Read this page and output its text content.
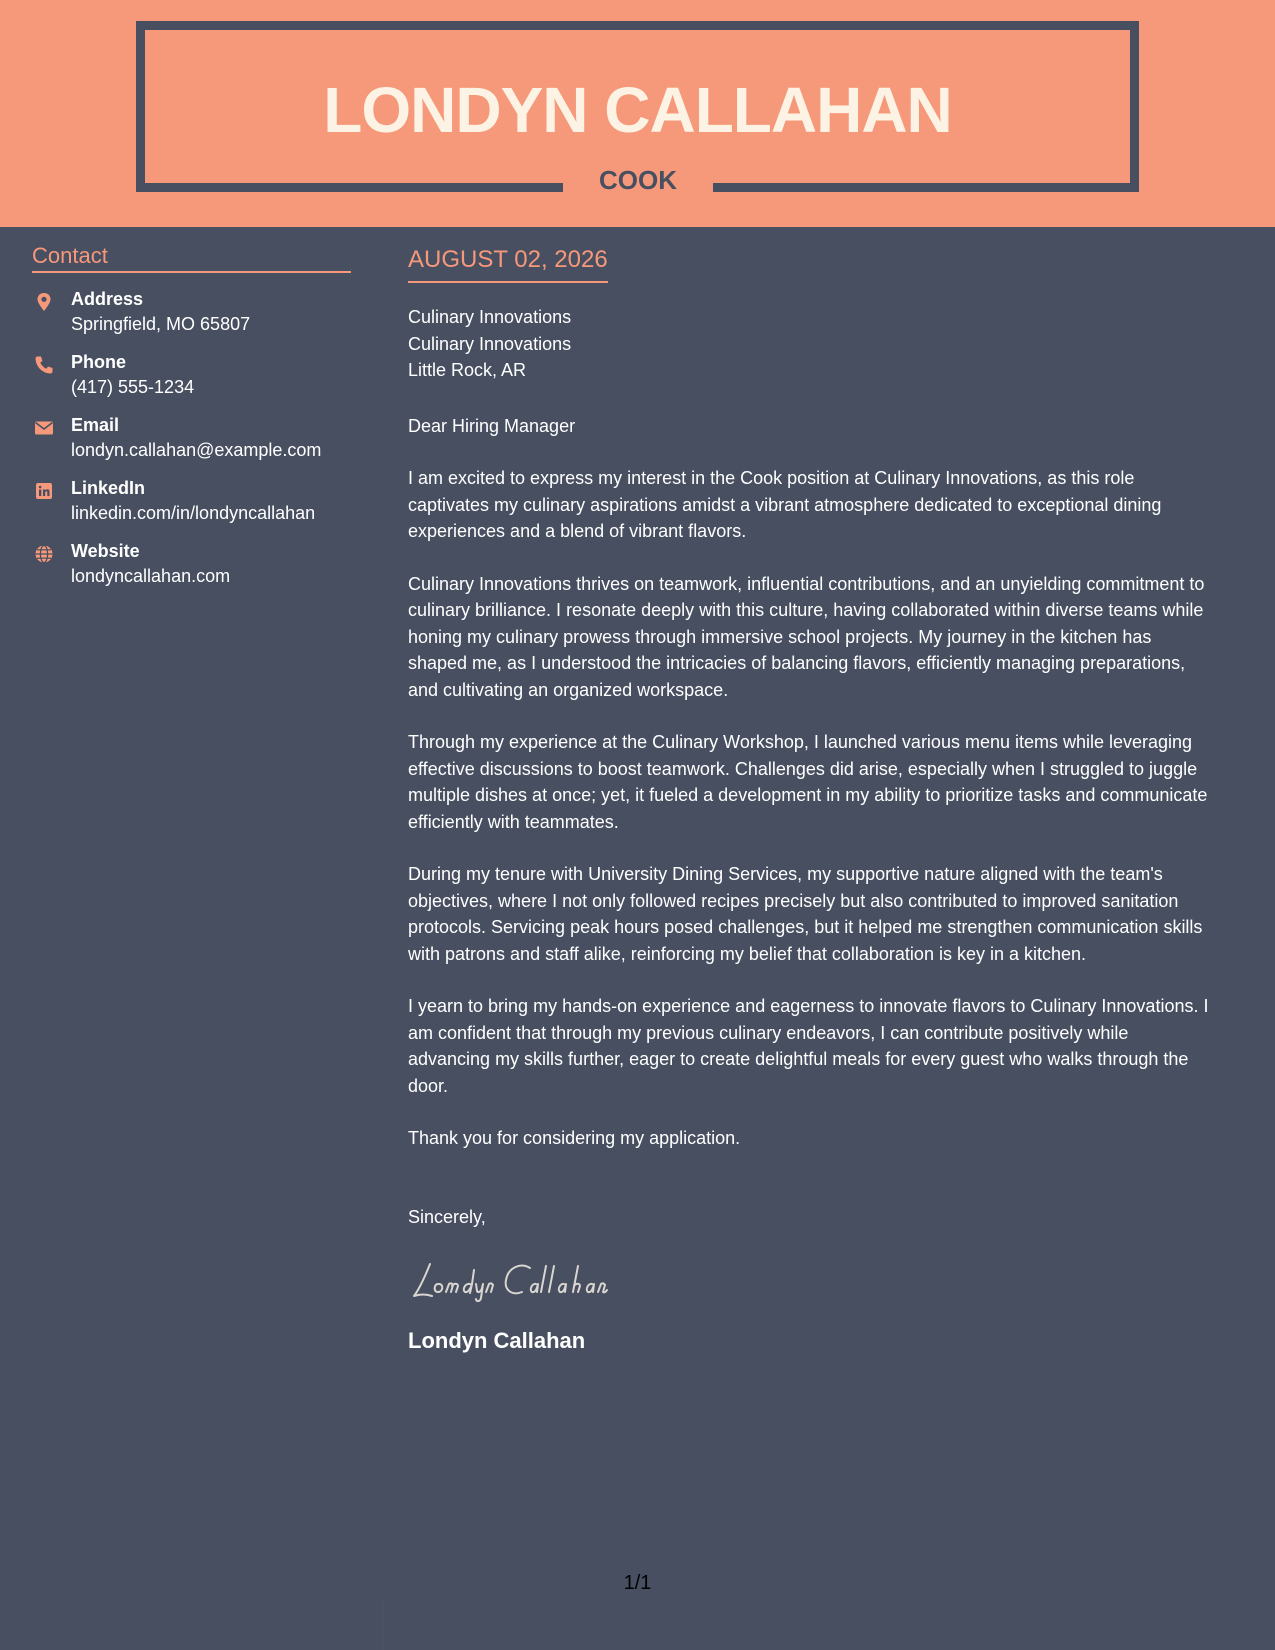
LONDYN CALLAHAN
COOK
Contact
Address
Springfield, MO 65807
Phone
(417) 555-1234
Email
londyn.callahan@example.com
LinkedIn
linkedin.com/in/londyncallahan
Website
londyncallahan.com
AUGUST 02, 2026
Culinary Innovations
Culinary Innovations
Little Rock, AR
Dear Hiring Manager
I am excited to express my interest in the Cook position at Culinary Innovations, as this role
captivates my culinary aspirations amidst a vibrant atmosphere dedicated to exceptional dining
experiences and a blend of vibrant flavors.
Culinary Innovations thrives on teamwork, influential contributions, and an unyielding commitment to
culinary brilliance. I resonate deeply with this culture, having collaborated within diverse teams while
honing my culinary prowess through immersive school projects. My journey in the kitchen has
shaped me, as I understood the intricacies of balancing flavors, efficiently managing preparations,
and cultivating an organized workspace.
Through my experience at the Culinary Workshop, I launched various menu items while leveraging
effective discussions to boost teamwork. Challenges did arise, especially when I struggled to juggle
multiple dishes at once; yet, it fueled a development in my ability to prioritize tasks and communicate
efficiently with teammates.
During my tenure with University Dining Services, my supportive nature aligned with the team's
objectives, where I not only followed recipes precisely but also contributed to improved sanitation
protocols. Servicing peak hours posed challenges, but it helped me strengthen communication skills
with patrons and staff alike, reinforcing my belief that collaboration is key in a kitchen.
I yearn to bring my hands-on experience and eagerness to innovate flavors to Culinary Innovations. I
am confident that through my previous culinary endeavors, I can contribute positively while
advancing my skills further, eager to create delightful meals for every guest who walks through the
door.
Thank you for considering my application.
Sincerely,
Londyn Callahan
1/1
